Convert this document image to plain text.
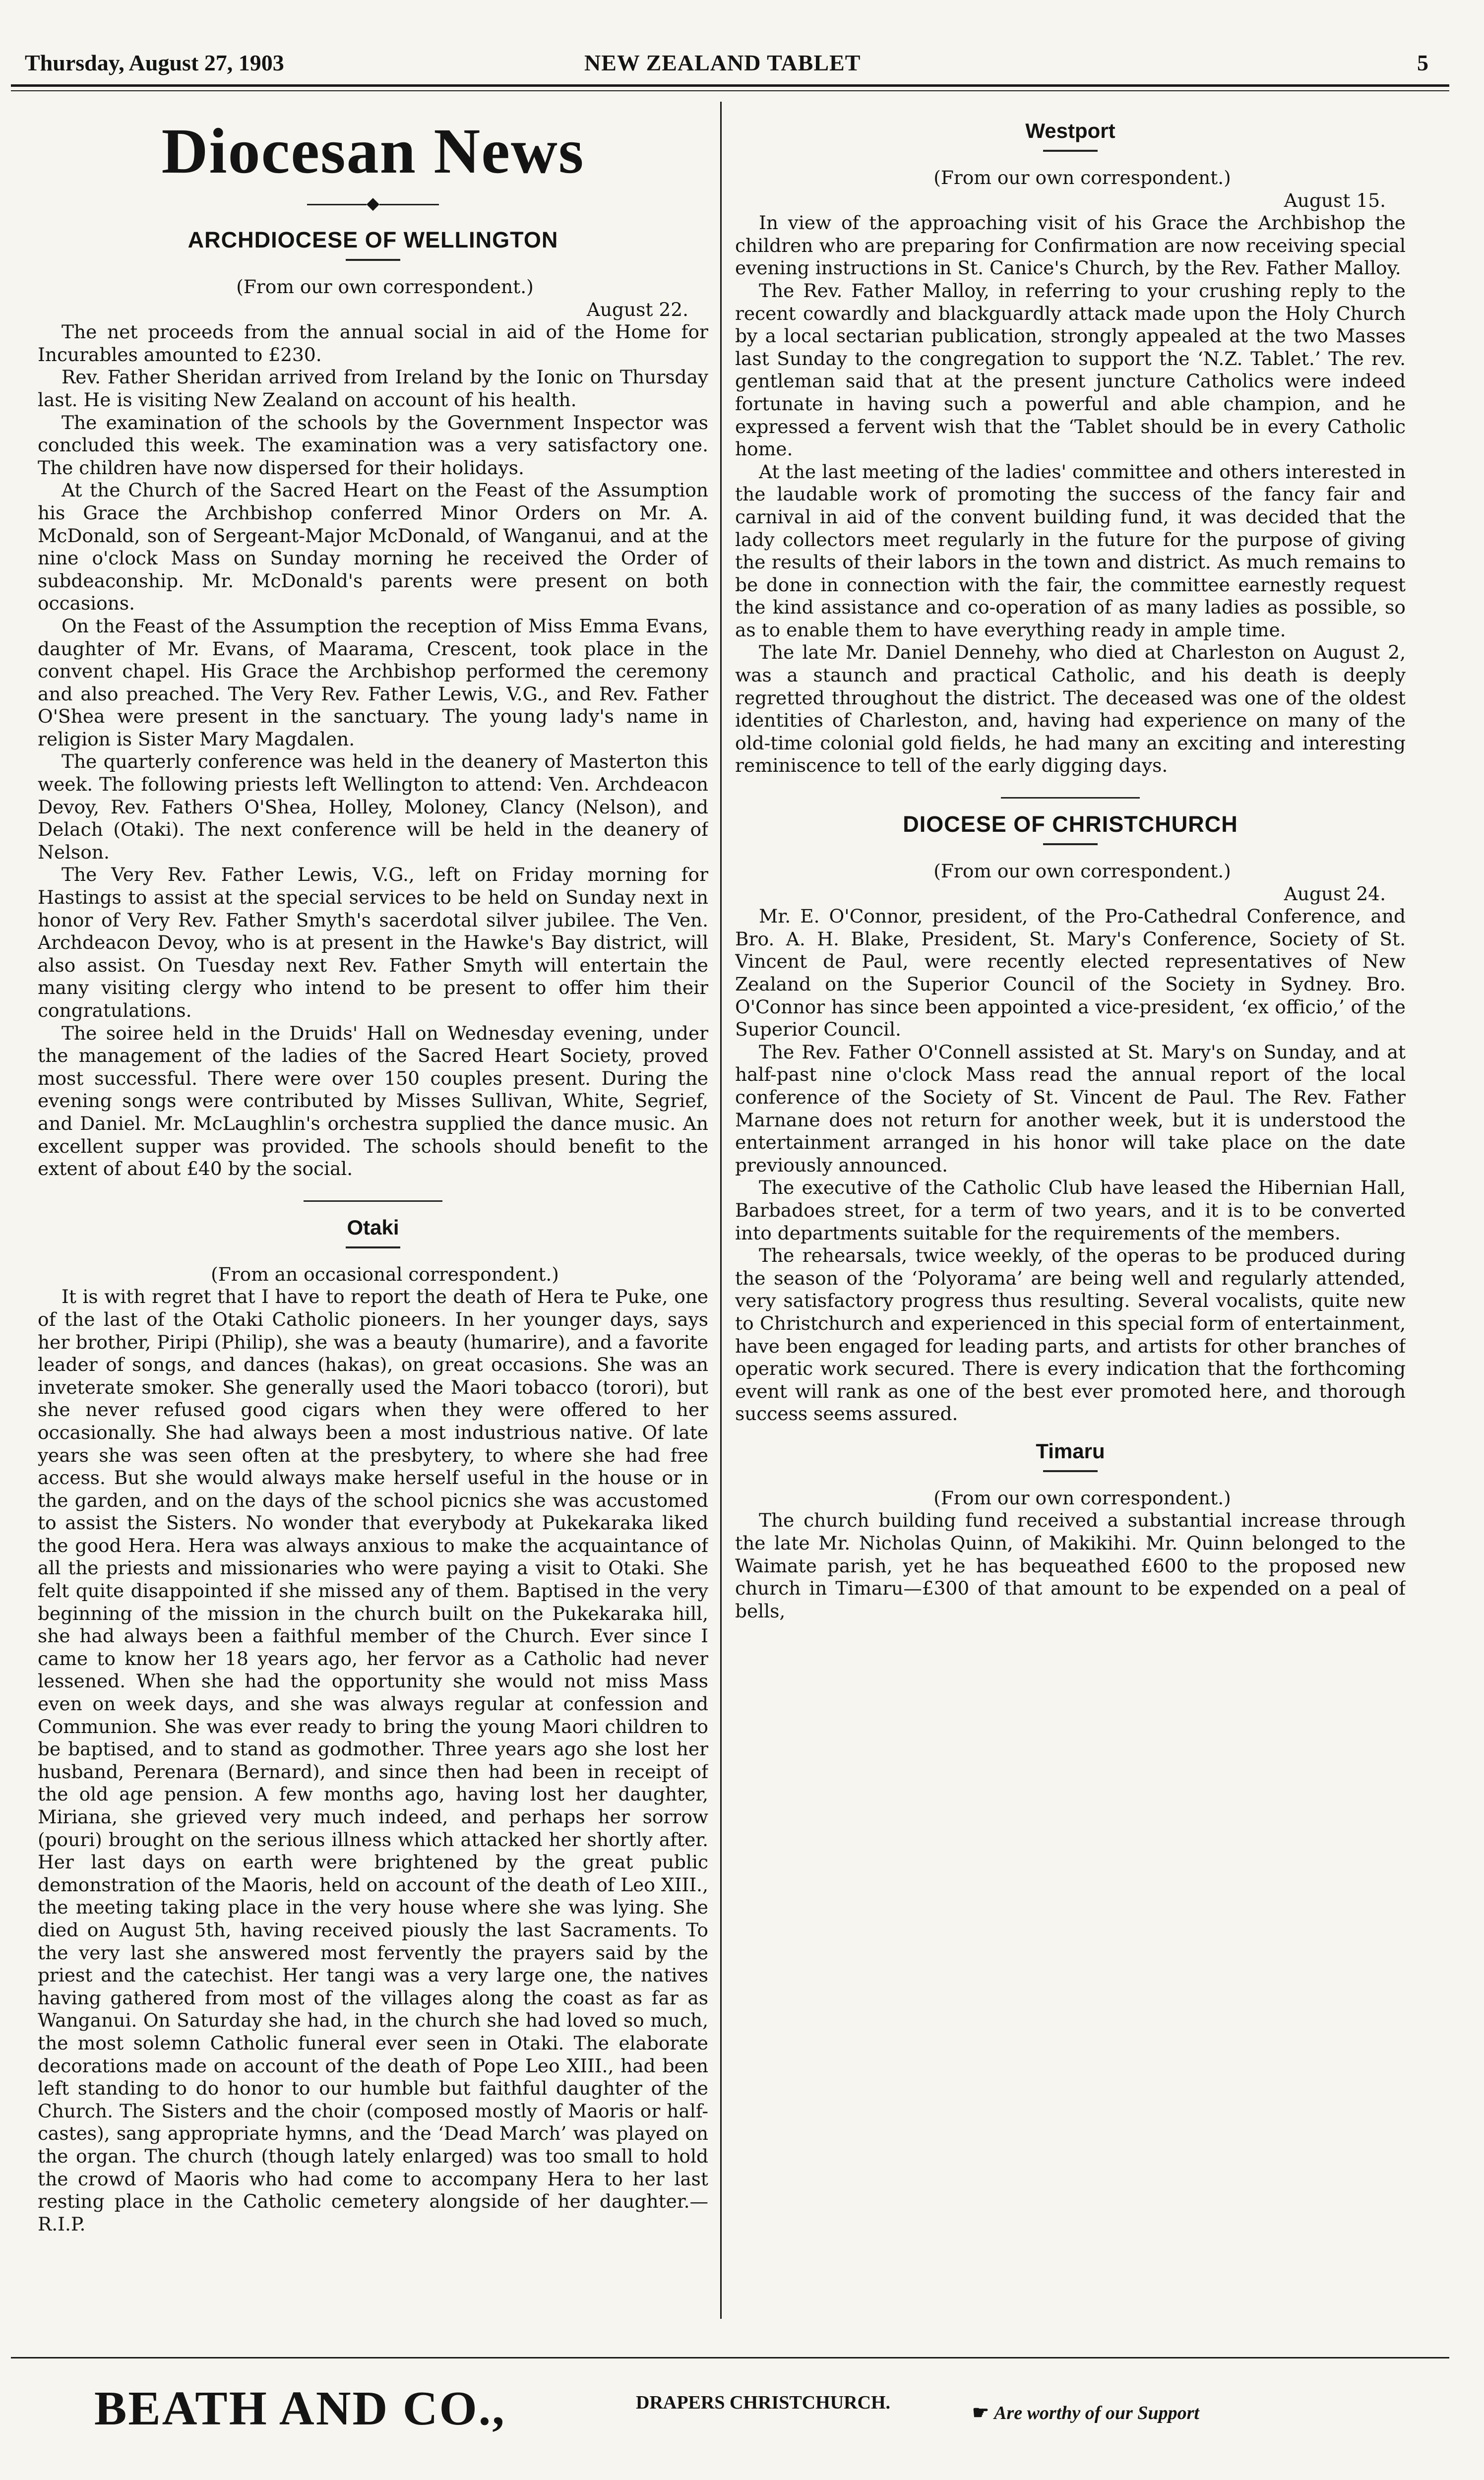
Thursday, August 27, 1903	NEW ZEALAND TABLET	5
Diocesan News
◆
ARCHDIOCESE OF WELLINGTON

(From our own correspondent.)

August 22.

The net proceeds from the annual social in aid of the Home for Incurables amounted to £230.

Rev. Father Sheridan arrived from Ireland by the Ionic on Thursday last. He is visiting New Zealand on account of his health.

The examination of the schools by the Government Inspector was concluded this week. The examination was a very satisfactory one. The children have now dispersed for their holidays.

At the Church of the Sacred Heart on the Feast of the Assumption his Grace the Archbishop conferred Minor Orders on Mr. A. McDonald, son of Sergeant-Major McDonald, of Wanganui, and at the nine o'clock Mass on Sunday morning he received the Order of subdeaconship. Mr. McDonald's parents were present on both occasions.

On the Feast of the Assumption the reception of Miss Emma Evans, daughter of Mr. Evans, of Maarama, Crescent, took place in the convent chapel. His Grace the Archbishop performed the ceremony and also preached. The Very Rev. Father Lewis, V.G., and Rev. Father O'Shea were present in the sanctuary. The young lady's name in religion is Sister Mary Magdalen.

The quarterly conference was held in the deanery of Masterton this week. The following priests left Wellington to attend: Ven. Archdeacon Devoy, Rev. Fathers O'Shea, Holley, Moloney, Clancy (Nelson), and Delach (Otaki). The next conference will be held in the deanery of Nelson.

The Very Rev. Father Lewis, V.G., left on Friday morning for Hastings to assist at the special services to be held on Sunday next in honor of Very Rev. Father Smyth's sacerdotal silver jubilee. The Ven. Archdeacon Devoy, who is at present in the Hawke's Bay district, will also assist. On Tuesday next Rev. Father Smyth will entertain the many visiting clergy who intend to be present to offer him their congratulations.

The soiree held in the Druids' Hall on Wednesday evening, under the management of the ladies of the Sacred Heart Society, proved most successful. There were over 150 couples present. During the evening songs were contributed by Misses Sullivan, White, Segrief, and Daniel. Mr. McLaughlin's orchestra supplied the dance music. An excellent supper was provided. The schools should benefit to the extent of about £40 by the social.

Otaki

(From an occasional correspondent.)

It is with regret that I have to report the death of Hera te Puke, one of the last of the Otaki Catholic pioneers. In her younger days, says her brother, Piripi (Philip), she was a beauty (humarire), and a favorite leader of songs, and dances (hakas), on great occasions. She was an inveterate smoker. She generally used the Maori tobacco (torori), but she never refused good cigars when they were offered to her occasionally. She had always been a most industrious native. Of late years she was seen often at the presbytery, to where she had free access. But she would always make herself useful in the house or in the garden, and on the days of the school picnics she was accustomed to assist the Sisters. No wonder that everybody at Pukekaraka liked the good Hera. Hera was always anxious to make the acquaintance of all the priests and missionaries who were paying a visit to Otaki. She felt quite disappointed if she missed any of them. Baptised in the very beginning of the mission in the church built on the Pukekaraka hill, she had always been a faithful member of the Church. Ever since I came to know her 18 years ago, her fervor as a Catholic had never lessened. When she had the opportunity she would not miss Mass even on week days, and she was always regular at confession and Communion. She was ever ready to bring the young Maori children to be baptised, and to stand as godmother. Three years ago she lost her husband, Perenara (Bernard), and since then had been in receipt of the old age pension. A few months ago, having lost her daughter, Miriana, she grieved very much indeed, and perhaps her sorrow (pouri) brought on the serious illness which attacked her shortly after. Her last days on earth were brightened by the great public demonstration of the Maoris, held on account of the death of Leo XIII., the meeting taking place in the very house where she was lying. She died on August 5th, having received piously the last Sacraments. To the very last she answered most fervently the prayers said by the priest and the catechist. Her tangi was a very large one, the natives having gathered from most of the villages along the coast as far as Wanganui. On Saturday she had, in the church she had loved so much, the most solemn Catholic funeral ever seen in Otaki. The elaborate decorations made on account of the death of Pope Leo XIII., had been left standing to do honor to our humble but faithful daughter of the Church. The Sisters and the choir (composed mostly of Maoris or half-castes), sang appropriate hymns, and the ‘Dead March’ was played on the organ. The church (though lately enlarged) was too small to hold the crowd of Maoris who had come to accompany Hera to her last resting place in the Catholic cemetery alongside of her daughter.—R.I.P.

Westport

(From our own correspondent.)

August 15.

In view of the approaching visit of his Grace the Archbishop the children who are preparing for Confirmation are now receiving special evening instructions in St. Canice's Church, by the Rev. Father Malloy.

The Rev. Father Malloy, in referring to your crushing reply to the recent cowardly and blackguardly attack made upon the Holy Church by a local sectarian publication, strongly appealed at the two Masses last Sunday to the congregation to support the ‘N.Z. Tablet.’ The rev. gentleman said that at the present juncture Catholics were indeed fortunate in having such a powerful and able champion, and he expressed a fervent wish that the ‘Tablet should be in every Catholic home.

At the last meeting of the ladies' committee and others interested in the laudable work of promoting the success of the fancy fair and carnival in aid of the convent building fund, it was decided that the lady collectors meet regularly in the future for the purpose of giving the results of their labors in the town and district. As much remains to be done in connection with the fair, the committee earnestly request the kind assistance and co-operation of as many ladies as possible, so as to enable them to have everything ready in ample time.

The late Mr. Daniel Dennehy, who died at Charleston on August 2, was a staunch and practical Catholic, and his death is deeply regretted throughout the district. The deceased was one of the oldest identities of Charleston, and, having had experience on many of the old-time colonial gold fields, he had many an exciting and interesting reminiscence to tell of the early digging days.

DIOCESE OF CHRISTCHURCH

(From our own correspondent.)

August 24.

Mr. E. O'Connor, president, of the Pro-Cathedral Conference, and Bro. A. H. Blake, President, St. Mary's Conference, Society of St. Vincent de Paul, were recently elected representatives of New Zealand on the Superior Council of the Society in Sydney. Bro. O'Connor has since been appointed a vice-president, ‘ex officio,’ of the Superior Council.

The Rev. Father O'Connell assisted at St. Mary's on Sunday, and at half-past nine o'clock Mass read the annual report of the local conference of the Society of St. Vincent de Paul. The Rev. Father Marnane does not return for another week, but it is understood the entertainment arranged in his honor will take place on the date previously announced.

The executive of the Catholic Club have leased the Hibernian Hall, Barbadoes street, for a term of two years, and it is to be converted into departments suitable for the requirements of the members.

The rehearsals, twice weekly, of the operas to be produced during the season of the ‘Polyorama’ are being well and regularly attended, very satisfactory progress thus resulting. Several vocalists, quite new to Christchurch and experienced in this special form of entertainment, have been engaged for leading parts, and artists for other branches of operatic work secured. There is every indication that the forthcoming event will rank as one of the best ever promoted here, and thorough success seems assured.

Timaru

(From our own correspondent.)

The church building fund received a substantial increase through the late Mr. Nicholas Quinn, of Makikihi. Mr. Quinn belonged to the Waimate parish, yet he has bequeathed £600 to the proposed new church in Timaru—£300 of that amount to be expended on a peal of bells,

BEATH AND CO.,	DRAPERS CHRISTCHURCH.	☛ Are worthy of our Support
